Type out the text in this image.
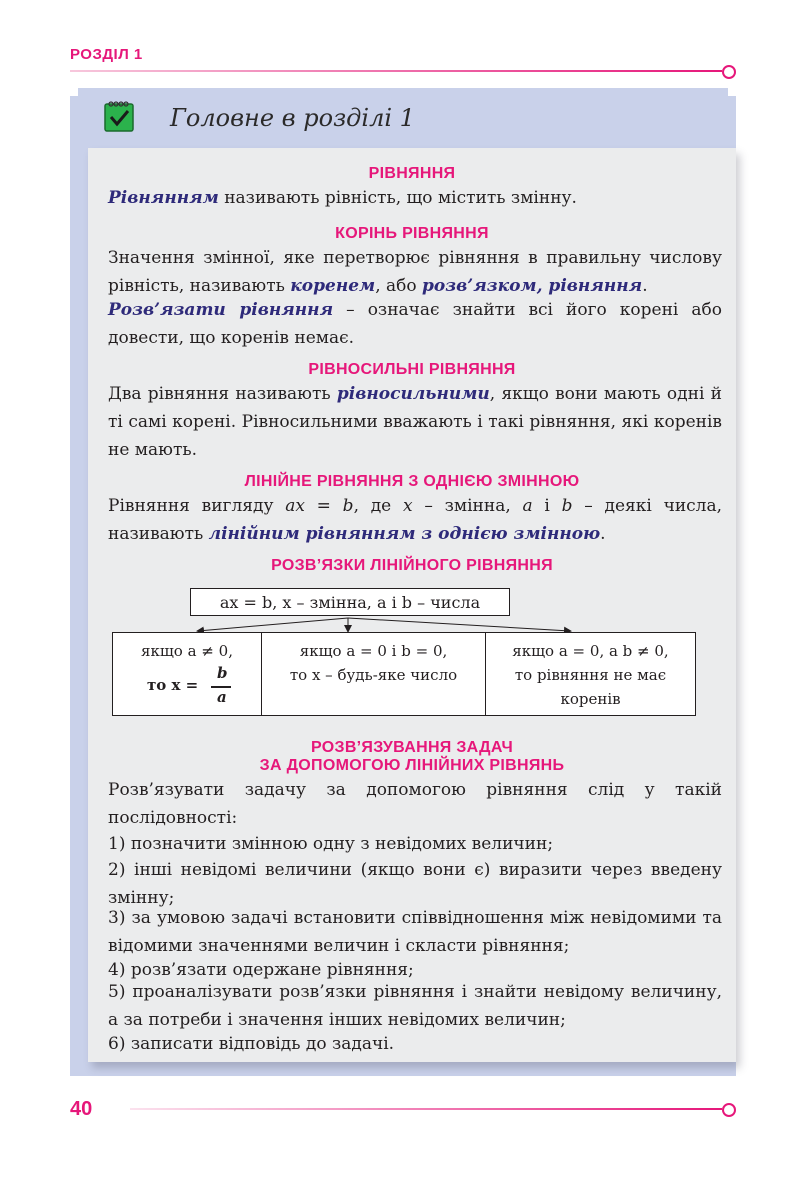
РОЗДІЛ 1
Головне в розділі 1
РІВНЯННЯ
Рівнянням називають рівність, що містить змінну.
КОРІНЬ РІВНЯННЯ
Значення змінної, яке перетворює рівняння в правильну числову рівність, називають коренем, або розв’язком, рівняння.
Розв’язати рівняння – означає знайти всі його корені або довести, що коренів немає.
РІВНОСИЛЬНІ РІВНЯННЯ
Два рівняння називають рівносильними, якщо вони мають одні й ті самі корені. Рівносильними вважають і такі рівняння, які коренів не мають.
ЛІНІЙНЕ РІВНЯННЯ З ОДНІЄЮ ЗМІННОЮ
Рівняння вигляду ax = b, де x – змінна, a і b – деякі числа, називають лінійним рівнянням з однією змінною.
РОЗВ’ЯЗКИ ЛІНІЙНОГО РІВНЯННЯ
ax = b, x – змінна, a і b – числа
якщо a ≠ 0,
то x =
b
a
якщо a = 0 і b = 0,
то x – будь-яке число
якщо a = 0, а b ≠ 0,
то рівняння не має
коренів
РОЗВ’ЯЗУВАННЯ ЗАДАЧ
ЗА ДОПОМОГОЮ ЛІНІЙНИХ РІВНЯНЬ
Розв’язувати задачу за допомогою рівняння слід у такій послідовності:
1) позначити змінною одну з невідомих величин;
2) інші невідомі величини (якщо вони є) виразити через введену змінну;
3) за умовою задачі встановити співвідношення між невідомими та відомими значеннями величин і скласти рівняння;
4) розв’язати одержане рівняння;
5) проаналізувати розв’язки рівняння і знайти невідому величину, а за потреби і значення інших невідомих величин;
6) записати відповідь до задачі.
40
